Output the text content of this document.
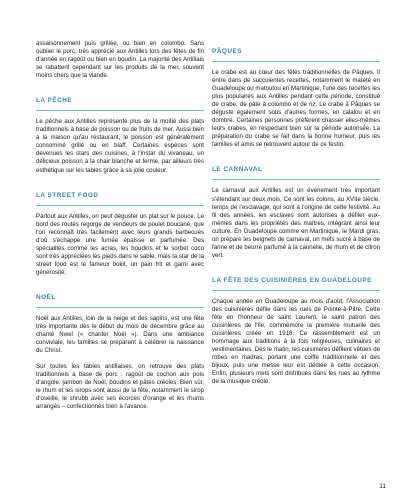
assaisonnement puis grillée, ou bien en colombo. Sans oublier le porc, très apprécié aux Antilles lors des fêtes de fin d'année en ragoût ou bien en boudin. La majorité des Antillais se rabattent cependant sur les produits de la mer, souvent moins chers que la viande.

LA PÊCHE

Le pêche aux Antilles représente plus de la moitié des plats traditionnels à base de poisson ou de fruits de mer. Aussi bien à la maison qu'au restaurant, le poisson est généralement consommé grillé ou en blaff. Certaines espèces sont devenues les stars des cuisines, à l'instar du vivaneau, un délicieux poisson à la chair blanche et ferme, par ailleurs très esthétique sur les tables grâce à sa jolie couleur.

LA STREET FOOD

Partout aux Antilles, on peut déguster un plat sur le pouce. Le bord des routes regorge de vendeurs de poulet boucané, que l'on reconnaît très facilement avec leurs grands barbecues d'où s'échappe une fumée épaisse et parfumée. Des spécialités comme les acras, les boudins et le sorbet coco sont très appréciées les pieds dans le sable, mais la star de la street food est le fameux bokit, un pain frit et garni avec générosité.

NOËL

Noël aux Antilles, loin de la neige et des sapins, est une fête très importante dès le début du mois de décembre grâce au chanté Nwel (« chanter Noël »). Dans une ambiance conviviale, les familles se préparent à célébrer la naissance du Christ.

Sur toutes les tables antillaises, on retrouve des plats traditionnels à base de porc : ragoût de cochon aux pois d'angole, jambon de Noël, boudins et pâtés créoles. Bien sûr, le rhum et les sirops sont aussi de la fête, notamment le sirop d'oseille, le shrubb avec ses écorces d'orange et les rhums arrangés – confectionnés bien à l'avance.

PÂQUES

Le crabe est au cœur des fêtes traditionnelles de Pâques. Il entre dans de succulentes recettes, notamment le matété en Guadeloupe ou matoutou en Martinique, l'une des recettes les plus populaires aux Antilles pendant cette période, constitué de crabe, de pâte à colombo et de riz. Le crabe à Pâques se déguste également sous d'autres formes, en calalou et en dombré. Certaines personnes préfèrent chasser elles-mêmes leurs crabes, en respectant bien sûr la période autorisée. La préparation du crabe se fait dans la bonne humeur, puis les familles et amis se retrouvent autour de ce festin.

LE CARNAVAL

Le carnaval aux Antilles est un événement très important s'étendant sur deux mois. Ce sont les colons, au XVIIe siècle, temps de l'esclavage, qui sont à l'origine de cette festivité. Au fil des années, les esclaves sont autorisés à défiler eux-mêmes dans les propriétés des maîtres, intégrant ainsi leur culture. En Guadeloupe comme en Martinique, le Mardi gras, on prépare les beignets de carnaval, un mets sucré à base de farine et de beurre parfumé à la cannelle, de rhum et de citron vert.

LA FÊTE DES CUISINIÈRES EN GUADELOUPE

Chaque année en Guadeloupe au mois d'août, l'Association des cuisinières défile dans les rues de Pointe-à-Pitre. Cette fête en l'honneur de saint Laurent, le saint patron des cuisinières de l'île, commémore la première mutuelle des cuisinières créée en 1916. Ce rassemblement est un hommage aux traditions à la fois religieuses, culinaires et vestimentaires. Dès le matin, les cuisinières défilent vêtues de robes en madras, portant une coiffe traditionnelle et des bijoux, puis une messe leur est dédiée à cette occasion. Enfin, plusieurs mets sont distribués dans les rues au rythme de la musique créole.

11
